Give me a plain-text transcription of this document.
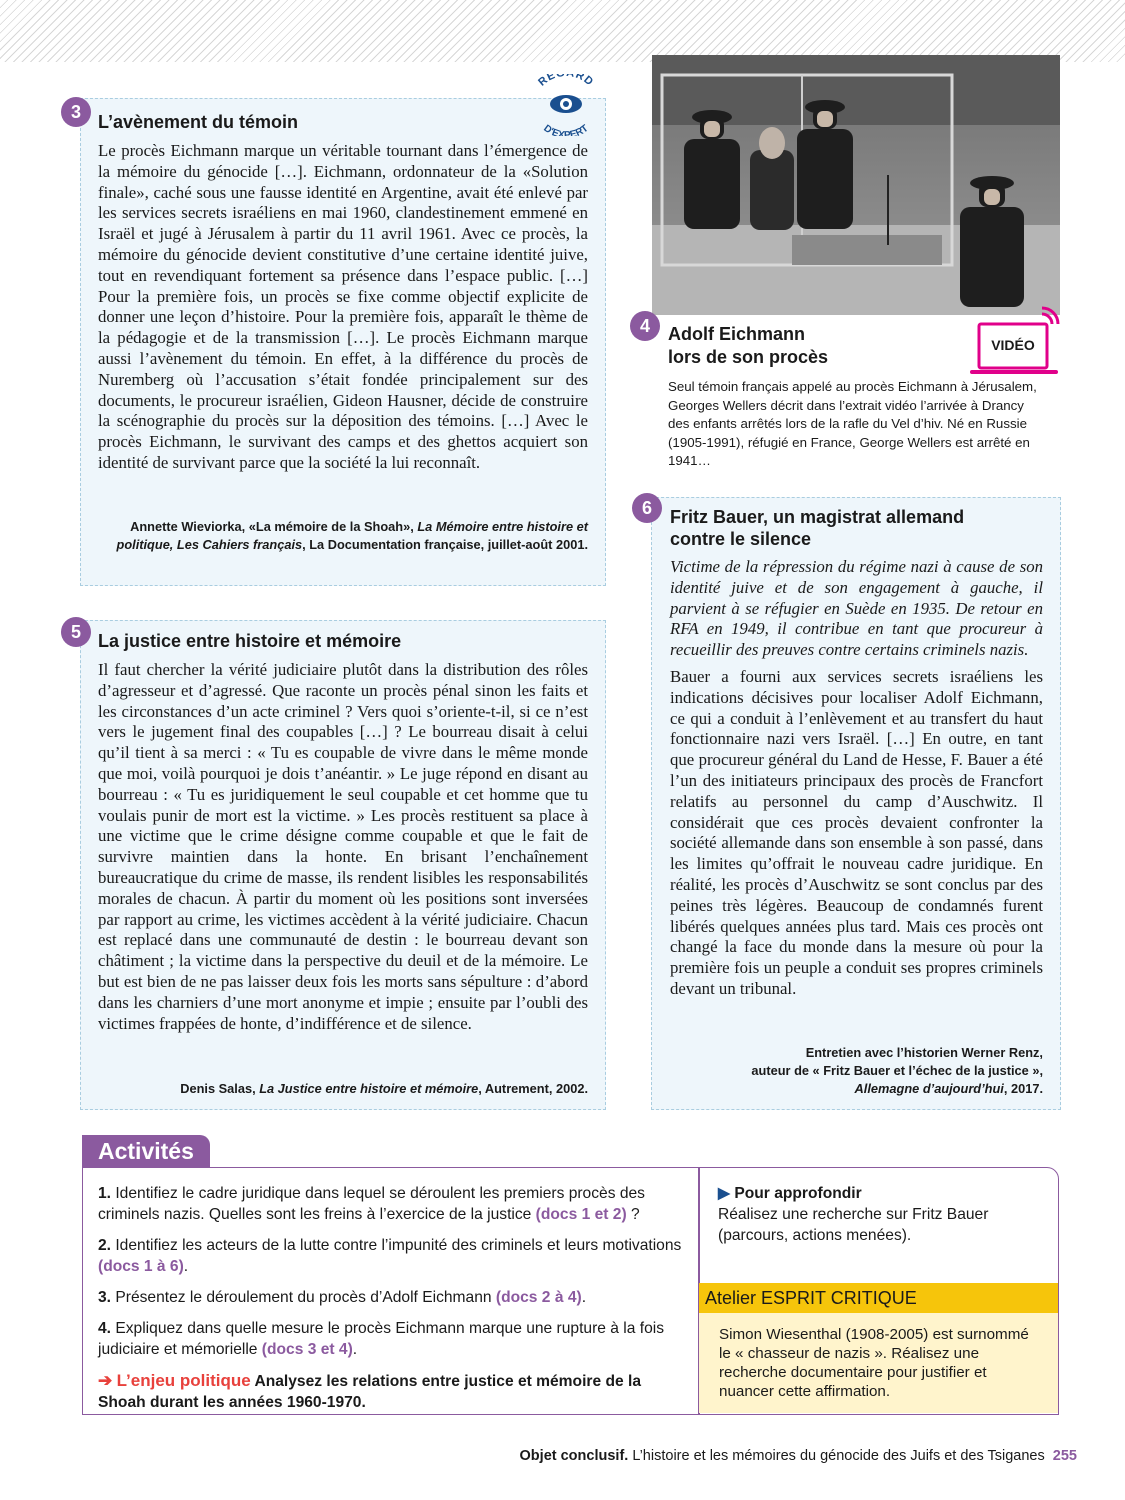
3 L’avènement du témoin
RE RD
D'EXPERT
Le procès Eichmann marque un véritable tournant dans l’émergence de la mémoire du génocide […]. Eichmann, ordonnateur de la «Solution finale», caché sous une fausse identité en Argentine, avait été enlevé par les services secrets israéliens en mai 1960, clandestinement emmené en Israël et jugé à Jérusalem à partir du 11 avril 1961. Avec ce procès, la mémoire du génocide devient constitutive d’une certaine identité juive, tout en revendiquant fortement sa présence dans l’espace public. […] Pour la première fois, un procès se fixe comme objectif explicite de donner une leçon d’histoire. Pour la première fois, apparaît le thème de la pédagogie et de la transmission […]. Le procès Eichmann marque aussi l’avènement du témoin. En effet, à la différence du procès de Nuremberg où l’accusation s’était fondée principalement sur des documents, le procureur israélien, Gideon Hausner, décide de construire la scénographie du procès sur la déposition des témoins. […] Avec le procès Eichmann, le survivant des camps et des ghettos acquiert son identité de survivant parce que la société la lui reconnaît.
Annette Wieviorka, «La mémoire de la Shoah», La Mémoire entre histoire et politique, Les Cahiers français, La Documentation française, juillet-août 2001.
4	Adolf Eichmann
lors de son procès
VIDÉO
Seul témoin français appelé au procès Eichmann à Jérusalem, Georges Wellers décrit dans l’extrait vidéo l’arrivée à Drancy des enfants arrêtés lors de la rafle du Vel d’hiv. Né en Russie (1905-1991), réfugié en France, George Wellers est arrêté en 1941…
5 La justice entre histoire et mémoire
Il faut chercher la vérité judiciaire plutôt dans la distribution des rôles d’agresseur et d’agressé. Que raconte un procès pénal sinon les faits et les circonstances d’un acte criminel ? Vers quoi s’oriente-t-il, si ce n’est vers le jugement final des coupables […] ? Le bourreau disait à celui qu’il tient à sa merci : « Tu es coupable de vivre dans le même monde que moi, voilà pourquoi je dois t’anéantir. » Le juge répond en disant au bourreau : « Tu es juridiquement le seul coupable et cet homme que tu voulais punir de mort est la victime. » Les procès restituent sa place à une victime que le crime désigne comme coupable et que le fait de survivre maintien dans la honte. En brisant l’enchaînement bureaucratique du crime de masse, ils rendent lisibles les responsabilités morales de chacun. À partir du moment où les positions sont inversées par rapport au crime, les victimes accèdent à la vérité judiciaire. Chacun est replacé dans une communauté de destin : le bourreau devant son châtiment ; la victime dans la perspective du deuil et de la mémoire. Le but est bien de ne pas laisser deux fois les morts sans sépulture : d’abord dans les charniers d’une mort anonyme et impie ; ensuite par l’oubli des victimes frappées de honte, d’indifférence et de silence.
Denis Salas, La Justice entre histoire et mémoire, Autrement, 2002.
6	Fritz Bauer, un magistrat allemand
contre le silence
Victime de la répression du régime nazi à cause de son identité juive et de son engagement à gauche, il parvient à se réfugier en Suède en 1935. De retour en RFA en 1949, il contribue en tant que procureur à recueillir des preuves contre certains criminels nazis.
Bauer a fourni aux services secrets israéliens les indications décisives pour localiser Adolf Eichmann, ce qui a conduit à l’enlèvement et au transfert du haut fonctionnaire nazi vers Israël. […] En outre, en tant que procureur général du Land de Hesse, F. Bauer a été l’un des initiateurs principaux des procès de Francfort relatifs au personnel du camp d’Auschwitz. Il considérait que ces procès devaient confronter la société allemande dans son ensemble à son passé, dans les limites qu’offrait le nouveau cadre juridique. En réalité, les procès d’Auschwitz se sont conclus par des peines très légères. Beaucoup de condamnés furent libérés quelques années plus tard. Mais ces procès ont changé la face du monde dans la mesure où pour la première fois un peuple a conduit ses propres criminels devant un tribunal.
Entretien avec l’historien Werner Renz,
auteur de « Fritz Bauer et l’échec de la justice »,
Allemagne d’aujourd’hui, 2017.
Activités

1. Identifiez le cadre juridique dans lequel se déroulent les premiers procès des criminels nazis. Quelles sont les freins à l’exercice de la justice (docs 1 et 2) ?

2. Identifiez les acteurs de la lutte contre l’impunité des criminels et leurs motivations (docs 1 à 6).

3. Présentez le déroulement du procès d’Adolf Eichmann (docs 2 à 4).

4. Expliquez dans quelle mesure le procès Eichmann marque une rupture à la fois judiciaire et mémorielle (docs 3 et 4).

➔ L’enjeu politique Analysez les relations entre justice et mémoire de la Shoah durant les années 1960-1970.

▶ Pour approfondir
Réalisez une recherche sur Fritz Bauer (parcours, actions menées).
Atelier ESPRIT CRITIQUE
Simon Wiesenthal (1908-2005) est surnommé le « chasseur de nazis ». Réalisez une recherche documentaire pour justifier et nuancer cette affirmation.
Objet conclusif. L’histoire et les mémoires du génocide des Juifs et des Tsiganes 255
